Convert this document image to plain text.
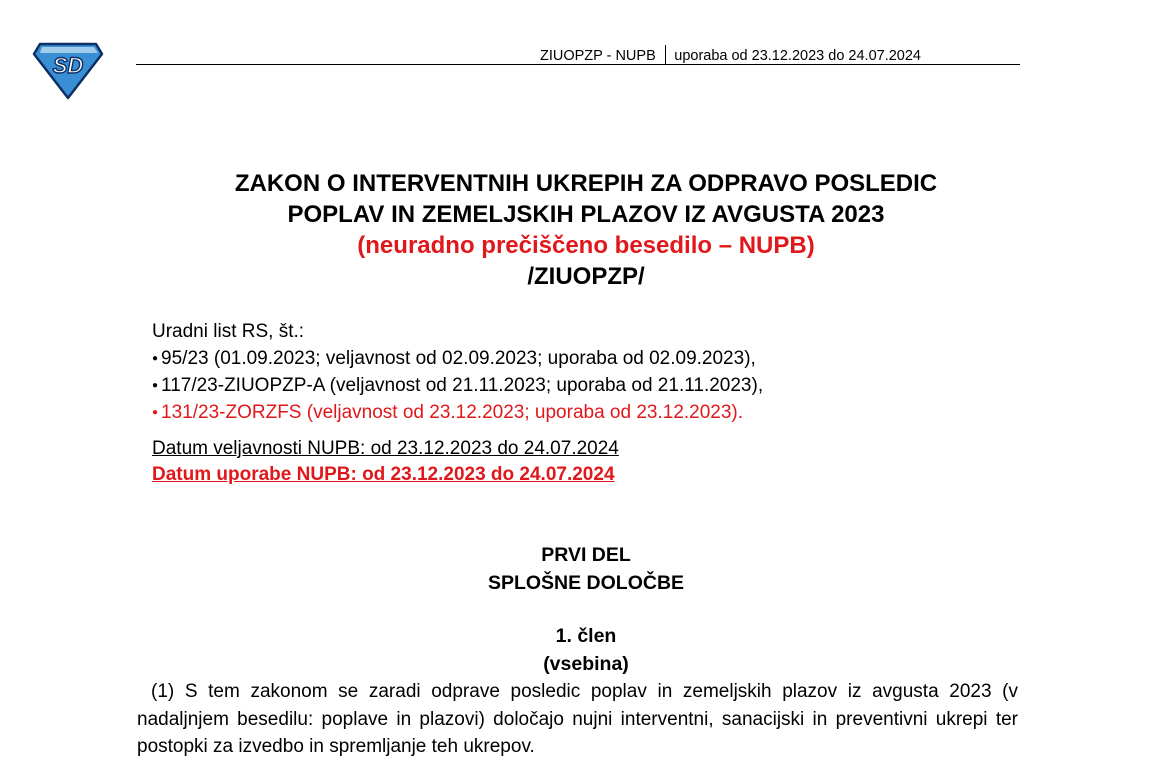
SD	ZIUOPZP - NUPB uporaba od 23.12.2023 do 24.07.2024
ZAKON O INTERVENTNIH UKREPIH ZA ODPRAVO POSLEDIC
POPLAV IN ZEMELJSKIH PLAZOV IZ AVGUSTA 2023
(neuradno prečiščeno besedilo – NUPB)
/ZIUOPZP/
Uradni list RS, št.:
● 95/23 (01.09.2023; veljavnost od 02.09.2023; uporaba od 02.09.2023),
● 117/23-ZIUOPZP-A (veljavnost od 21.11.2023; uporaba od 21.11.2023),
● 131/23-ZORZFS (veljavnost od 23.12.2023; uporaba od 23.12.2023).
Datum veljavnosti NUPB: od 23.12.2023 do 24.07.2024
Datum uporabe NUPB: od 23.12.2023 do 24.07.2024
PRVI DEL
SPLOŠNE DOLOČBE
1. člen
(vsebina)
(1) S tem zakonom se zaradi odprave posledic poplav in zemeljskih plazov iz avgusta 2023 (v nadaljnjem besedilu: poplave in plazovi) določajo nujni interventni, sanacijski in preventivni ukrepi ter postopki za izvedbo in spremljanje teh ukrepov.
